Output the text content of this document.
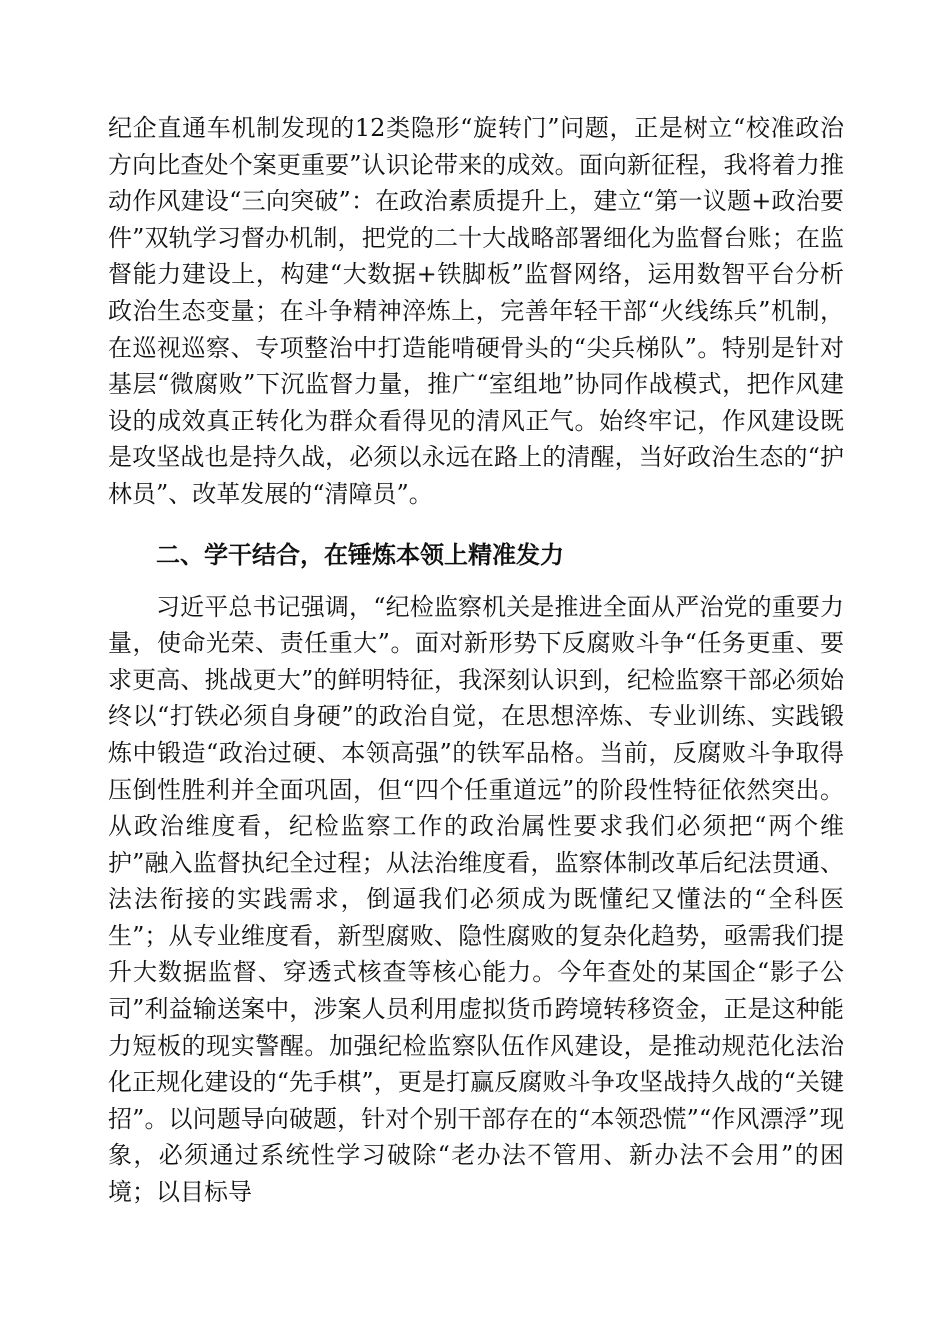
纪企直通车机制发现的12类隐形“旋转门”问题，正是树立“校准政治方向比查处个案更重要”认识论带来的成效。面向新征程，我将着力推动作风建设“三向突破”：在政治素质提升上，建立“第一议题+政治要件”双轨学习督办机制，把党的二十大战略部署细化为监督台账；在监督能力建设上，构建“大数据+铁脚板”监督网络，运用数智平台分析政治生态变量；在斗争精神淬炼上，完善年轻干部“火线练兵”机制，在巡视巡察、专项整治中打造能啃硬骨头的“尖兵梯队”。特别是针对基层“微腐败”下沉监督力量，推广“室组地”协同作战模式，把作风建设的成效真正转化为群众看得见的清风正气。始终牢记，作风建设既是攻坚战也是持久战，必须以永远在路上的清醒，当好政治生态的“护林员”、改革发展的“清障员”。

二、学干结合，在锤炼本领上精准发力

习近平总书记强调，“纪检监察机关是推进全面从严治党的重要力量，使命光荣、责任重大”。面对新形势下反腐败斗争“任务更重、要求更高、挑战更大”的鲜明特征，我深刻认识到，纪检监察干部必须始终以“打铁必须自身硬”的政治自觉，在思想淬炼、专业训练、实践锻炼中锻造“政治过硬、本领高强”的铁军品格。当前，反腐败斗争取得压倒性胜利并全面巩固，但“四个任重道远”的阶段性特征依然突出。从政治维度看，纪检监察工作的政治属性要求我们必须把“两个维护”融入监督执纪全过程；从法治维度看，监察体制改革后纪法贯通、法法衔接的实践需求，倒逼我们必须成为既懂纪又懂法的“全科医生”；从专业维度看，新型腐败、隐性腐败的复杂化趋势，亟需我们提升大数据监督、穿透式核查等核心能力。今年查处的某国企“影子公司”利益输送案中，涉案人员利用虚拟货币跨境转移资金，正是这种能力短板的现实警醒。加强纪检监察队伍作风建设，是推动规范化法治化正规化建设的“先手棋”，更是打赢反腐败斗争攻坚战持久战的“关键招”。以问题导向破题，针对个别干部存在的“本领恐慌”“作风漂浮”现象，必须通过系统性学习破除“老办法不管用、新办法不会用”的困境；以目标导
